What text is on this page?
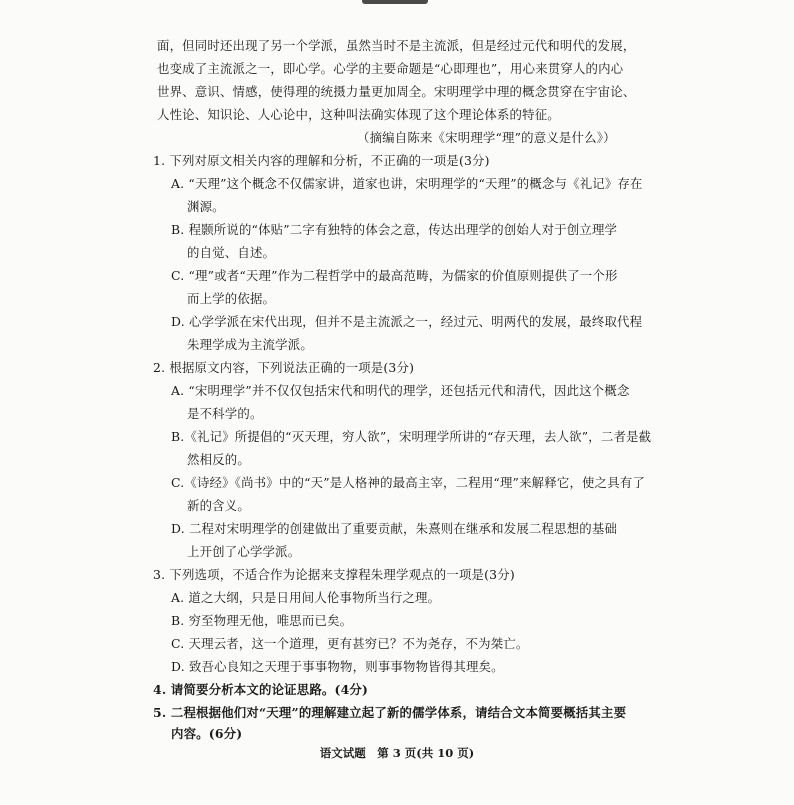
面，但同时还出现了另一个学派，虽然当时不是主流派，但是经过元代和明代的发展，
也变成了主流派之一，即心学。心学的主要命题是“心即理也”，用心来贯穿人的内心
世界、意识、情感，使得理的统摄力量更加周全。宋明理学中理的概念贯穿在宇宙论、
人性论、知识论、人心论中，这种叫法确实体现了这个理论体系的特征。
（摘编自陈来《宋明理学“理”的意义是什么》）
1. 下列对原文相关内容的理解和分析，不正确的一项是(3分)
A. “天理”这个概念不仅儒家讲，道家也讲，宋明理学的“天理”的概念与《礼记》存在
渊源。
B. 程颢所说的“体贴”二字有独特的体会之意，传达出理学的创始人对于创立理学
的自觉、自述。
C. “理”或者“天理”作为二程哲学中的最高范畴，为儒家的价值原则提供了一个形
而上学的依据。
D. 心学学派在宋代出现，但并不是主流派之一，经过元、明两代的发展，最终取代程
朱理学成为主流学派。
2. 根据原文内容，下列说法正确的一项是(3分)
A. “宋明理学”并不仅仅包括宋代和明代的理学，还包括元代和清代，因此这个概念
是不科学的。
B.《礼记》所提倡的“灭天理，穷人欲”，宋明理学所讲的“存天理，去人欲”，二者是截
然相反的。
C.《诗经》《尚书》中的“天”是人格神的最高主宰，二程用“理”来解释它，使之具有了
新的含义。
D. 二程对宋明理学的创建做出了重要贡献，朱熹则在继承和发展二程思想的基础
上开创了心学学派。
3. 下列选项，不适合作为论据来支撑程朱理学观点的一项是(3分)
A. 道之大纲，只是日用间人伦事物所当行之理。
B. 穷至物理无他，唯思而已矣。
C. 天理云者，这一个道理，更有甚穷已？不为尧存，不为桀亡。
D. 致吾心良知之天理于事事物物，则事事物物皆得其理矣。
4. 请简要分析本文的论证思路。(4分)
5. 二程根据他们对“天理”的理解建立起了新的儒学体系，请结合文本简要概括其主要
内容。(6分)
语文试题　第 3 页(共 10 页)
